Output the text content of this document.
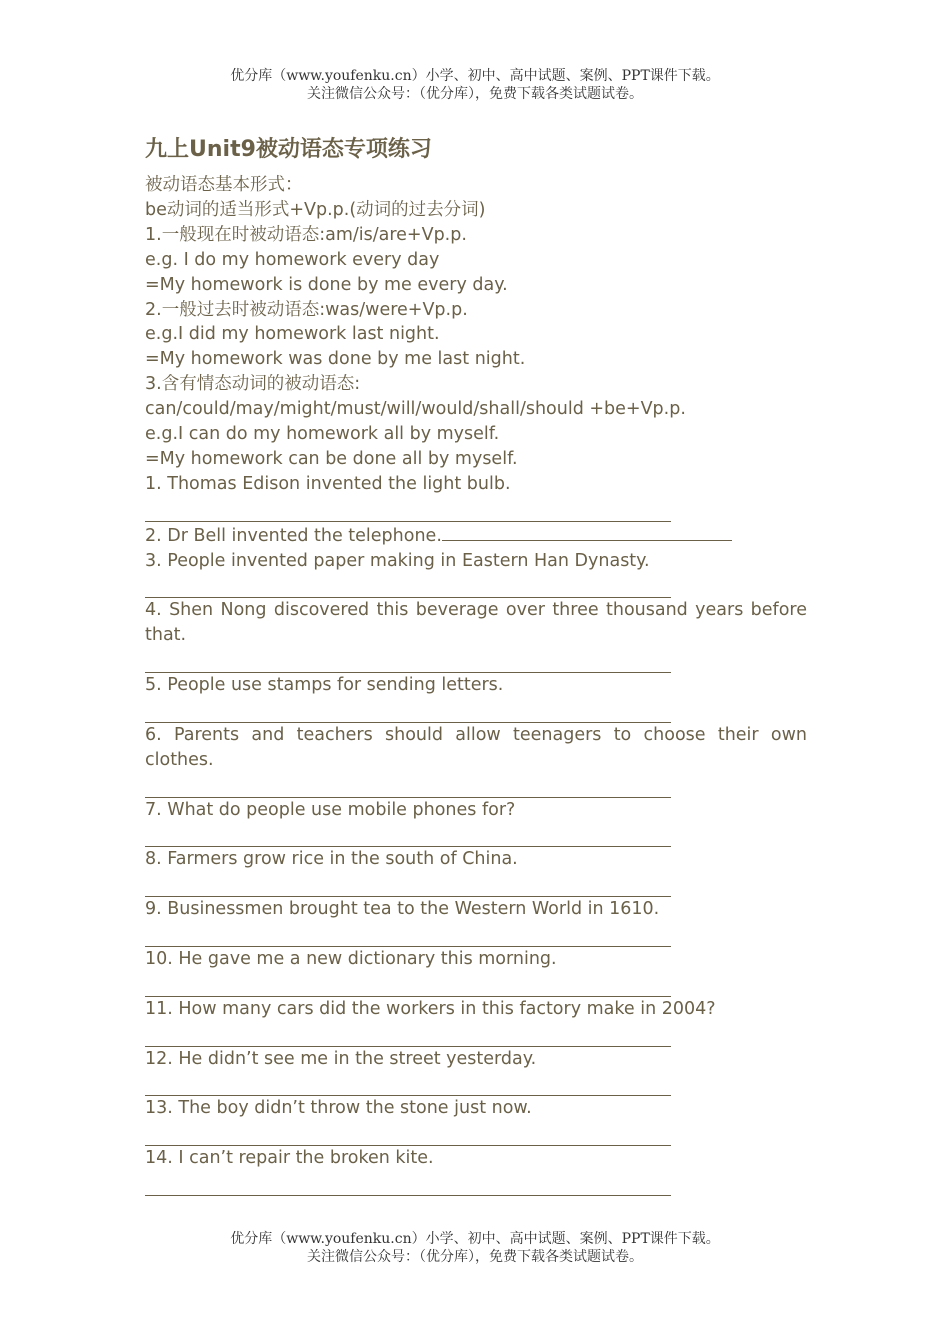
优分库（www.youfenku.cn）小学、初中、高中试题、案例、PPT课件下载。
关注微信公众号：（优分库），免费下载各类试题试卷。
九上Unit9被动语态专项练习
被动语态基本形式：
be动词的适当形式+Vp.p.(动词的过去分词)
1.一般现在时被动语态:am/is/are+Vp.p.
e.g. I do my homework every day
=My homework is done by me every day.
2.一般过去时被动语态:was/were+Vp.p.
e.g.I did my homework last night.
=My homework was done by me last night.
3.含有情态动词的被动语态:
can/could/may/might/must/will/would/shall/should +be+Vp.p.
e.g.I can do my homework all by myself.
=My homework can be done all by myself.
1. Thomas Edison invented the light bulb.
2. Dr Bell invented the telephone.
3. People invented paper making in Eastern Han Dynasty.
4. Shen Nong discovered this beverage over three thousand years before that.
5. People use stamps for sending letters.
6. Parents and teachers should allow teenagers to choose their own clothes.
7. What do people use mobile phones for?
8. Farmers grow rice in the south of China.
9. Businessmen brought tea to the Western World in 1610.
10. He gave me a new dictionary this morning.
11. How many cars did the workers in this factory make in 2004?
12. He didn’t see me in the street yesterday.
13. The boy didn’t throw the stone just now.
14. I can’t repair the broken kite.
优分库（www.youfenku.cn）小学、初中、高中试题、案例、PPT课件下载。
关注微信公众号：（优分库），免费下载各类试题试卷。
